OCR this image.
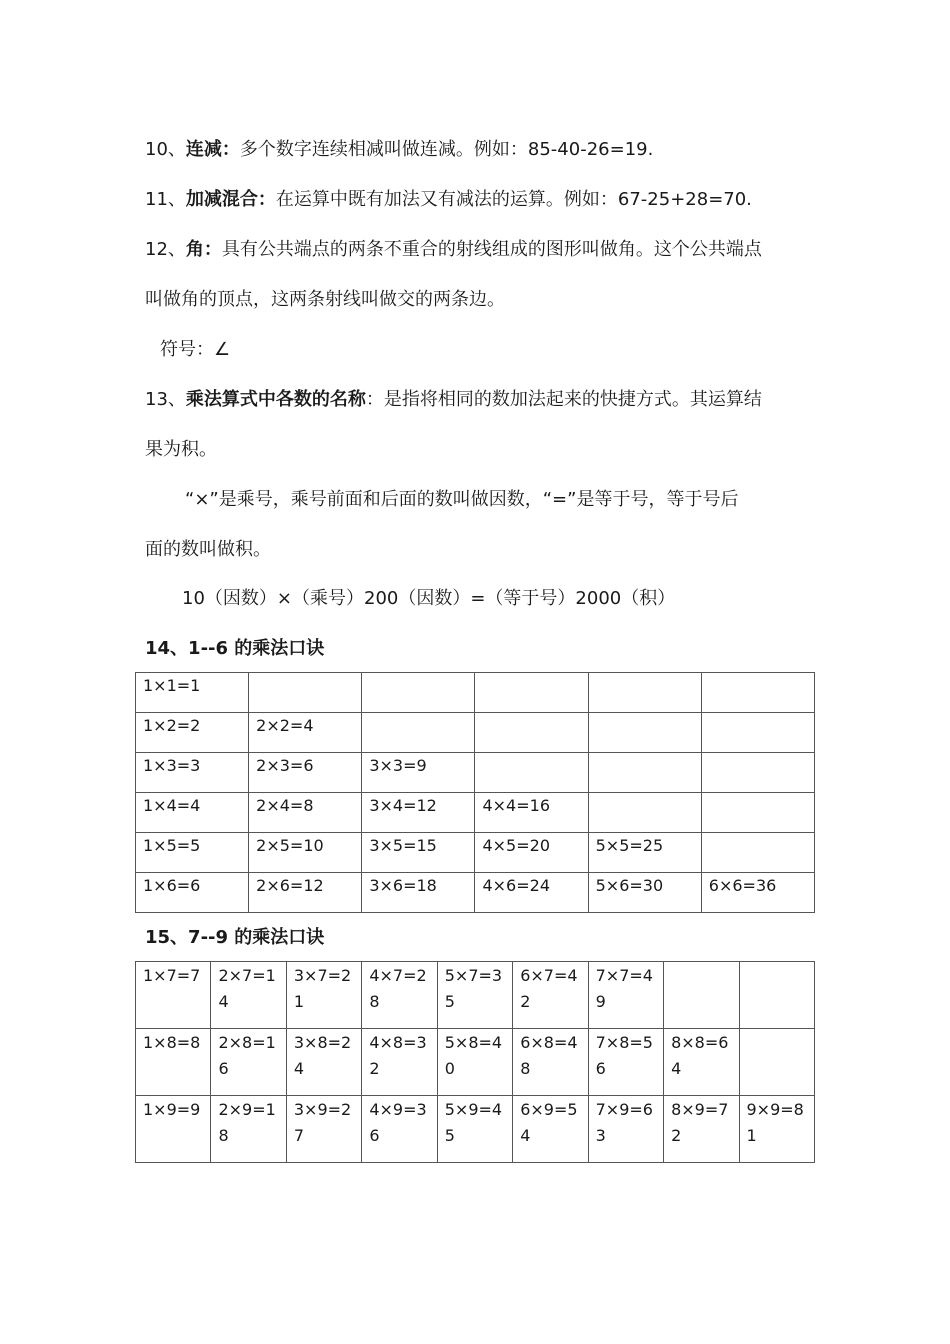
10、连减：多个数字连续相减叫做连减。例如：85-40-26=19.
11、加减混合：在运算中既有加法又有减法的运算。例如：67-25+28=70.
12、角：具有公共端点的两条不重合的射线组成的图形叫做角。这个公共端点
叫做角的顶点，这两条射线叫做交的两条边。
符号：∠
13、乘法算式中各数的名称：是指将相同的数加法起来的快捷方式。其运算结
果为积。
“×”是乘号，乘号前面和后面的数叫做因数，“=”是等于号，等于号后
面的数叫做积。
10（因数）×（乘号）200（因数）=（等于号）2000（积）
14、1--6 的乘法口诀
1×1=1					
1×2=2	2×2=4				
1×3=3	2×3=6	3×3=9			
1×4=4	2×4=8	3×4=12	4×4=16		
1×5=5	2×5=10	3×5=15	4×5=20	5×5=25	
1×6=6	2×6=12	3×6=18	4×6=24	5×6=30	6×6=36
15、7--9 的乘法口诀
1×7=7	2×7=14	3×7=21	4×7=28	5×7=35	6×7=42	7×7=49		
1×8=8	2×8=16	3×8=24	4×8=32	5×8=40	6×8=48	7×8=56	8×8=64	
1×9=9	2×9=18	3×9=27	4×9=36	5×9=45	6×9=54	7×9=63	8×9=72	9×9=81
